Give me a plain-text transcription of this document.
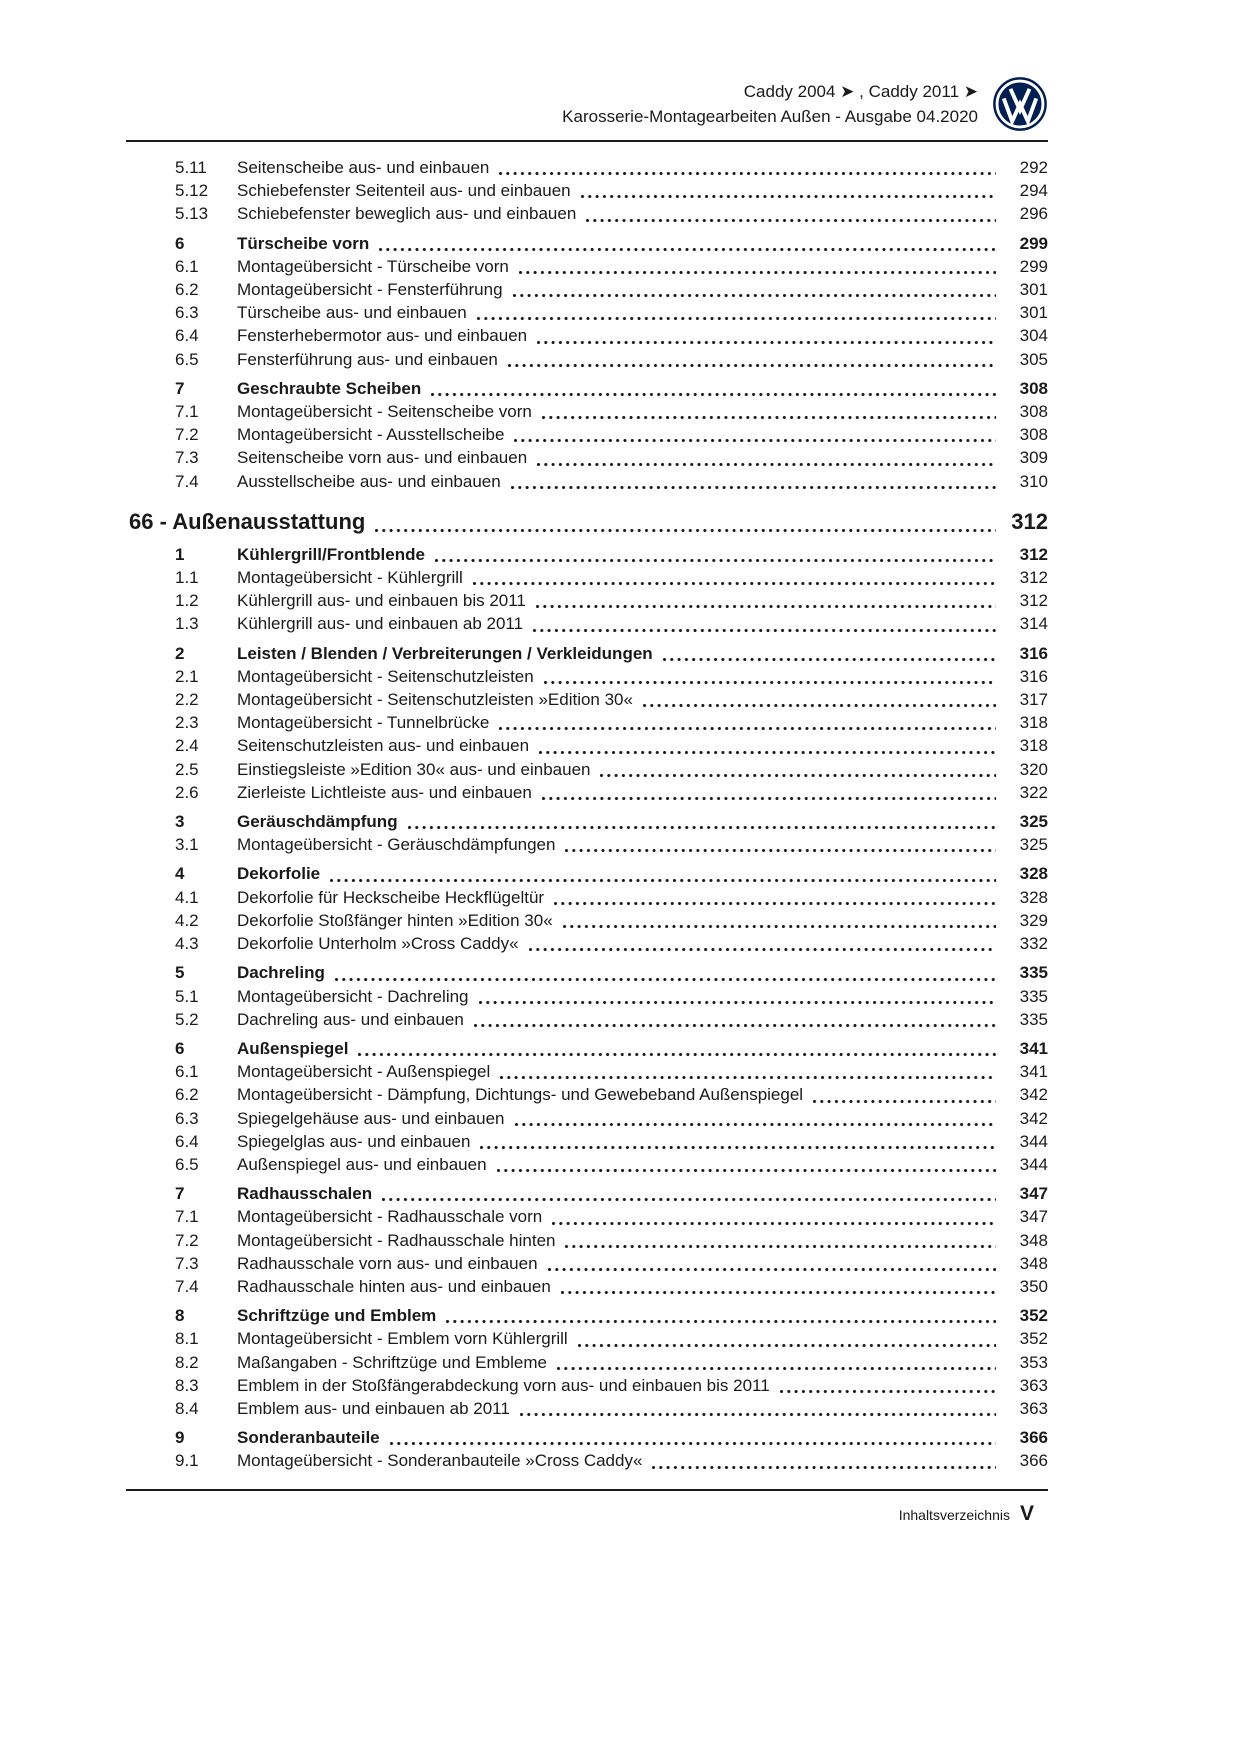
Caddy 2004 ➤ , Caddy 2011 ➤
Karosserie-Montagearbeiten Außen - Ausgabe 04.2020
5.11	Seitenscheibe aus- und einbauen	292
5.12	Schiebefenster Seitenteil aus- und einbauen	294
5.13	Schiebefenster beweglich aus- und einbauen	296
6	Türscheibe vorn	299
6.1	Montageübersicht - Türscheibe vorn	299
6.2	Montageübersicht - Fensterführung	301
6.3	Türscheibe aus- und einbauen	301
6.4	Fensterhebermotor aus- und einbauen	304
6.5	Fensterführung aus- und einbauen	305
7	Geschraubte Scheiben	308
7.1	Montageübersicht - Seitenscheibe vorn	308
7.2	Montageübersicht - Ausstellscheibe	308
7.3	Seitenscheibe vorn aus- und einbauen	309
7.4	Ausstellscheibe aus- und einbauen	310
66 - Außenausstattung	312
1	Kühlergrill/Frontblende	312
1.1	Montageübersicht - Kühlergrill	312
1.2	Kühlergrill aus- und einbauen bis 2011	312
1.3	Kühlergrill aus- und einbauen ab 2011	314
2	Leisten / Blenden / Verbreiterungen / Verkleidungen	316
2.1	Montageübersicht - Seitenschutzleisten	316
2.2	Montageübersicht - Seitenschutzleisten »Edition 30«	317
2.3	Montageübersicht - Tunnelbrücke	318
2.4	Seitenschutzleisten aus- und einbauen	318
2.5	Einstiegsleiste »Edition 30« aus- und einbauen	320
2.6	Zierleiste Lichtleiste aus- und einbauen	322
3	Geräuschdämpfung	325
3.1	Montageübersicht - Geräuschdämpfungen	325
4	Dekorfolie	328
4.1	Dekorfolie für Heckscheibe Heckflügeltür	328
4.2	Dekorfolie Stoßfänger hinten »Edition 30«	329
4.3	Dekorfolie Unterholm »Cross Caddy«	332
5	Dachreling	335
5.1	Montageübersicht - Dachreling	335
5.2	Dachreling aus- und einbauen	335
6	Außenspiegel	341
6.1	Montageübersicht - Außenspiegel	341
6.2	Montageübersicht - Dämpfung, Dichtungs- und Gewebeband Außenspiegel	342
6.3	Spiegelgehäuse aus- und einbauen	342
6.4	Spiegelglas aus- und einbauen	344
6.5	Außenspiegel aus- und einbauen	344
7	Radhausschalen	347
7.1	Montageübersicht - Radhausschale vorn	347
7.2	Montageübersicht - Radhausschale hinten	348
7.3	Radhausschale vorn aus- und einbauen	348
7.4	Radhausschale hinten aus- und einbauen	350
8	Schriftzüge und Emblem	352
8.1	Montageübersicht - Emblem vorn Kühlergrill	352
8.2	Maßangaben - Schriftzüge und Embleme	353
8.3	Emblem in der Stoßfängerabdeckung vorn aus- und einbauen bis 2011	363
8.4	Emblem aus- und einbauen ab 2011	363
9	Sonderanbauteile	366
9.1	Montageübersicht - Sonderanbauteile »Cross Caddy«	366
Inhaltsverzeichnis V
